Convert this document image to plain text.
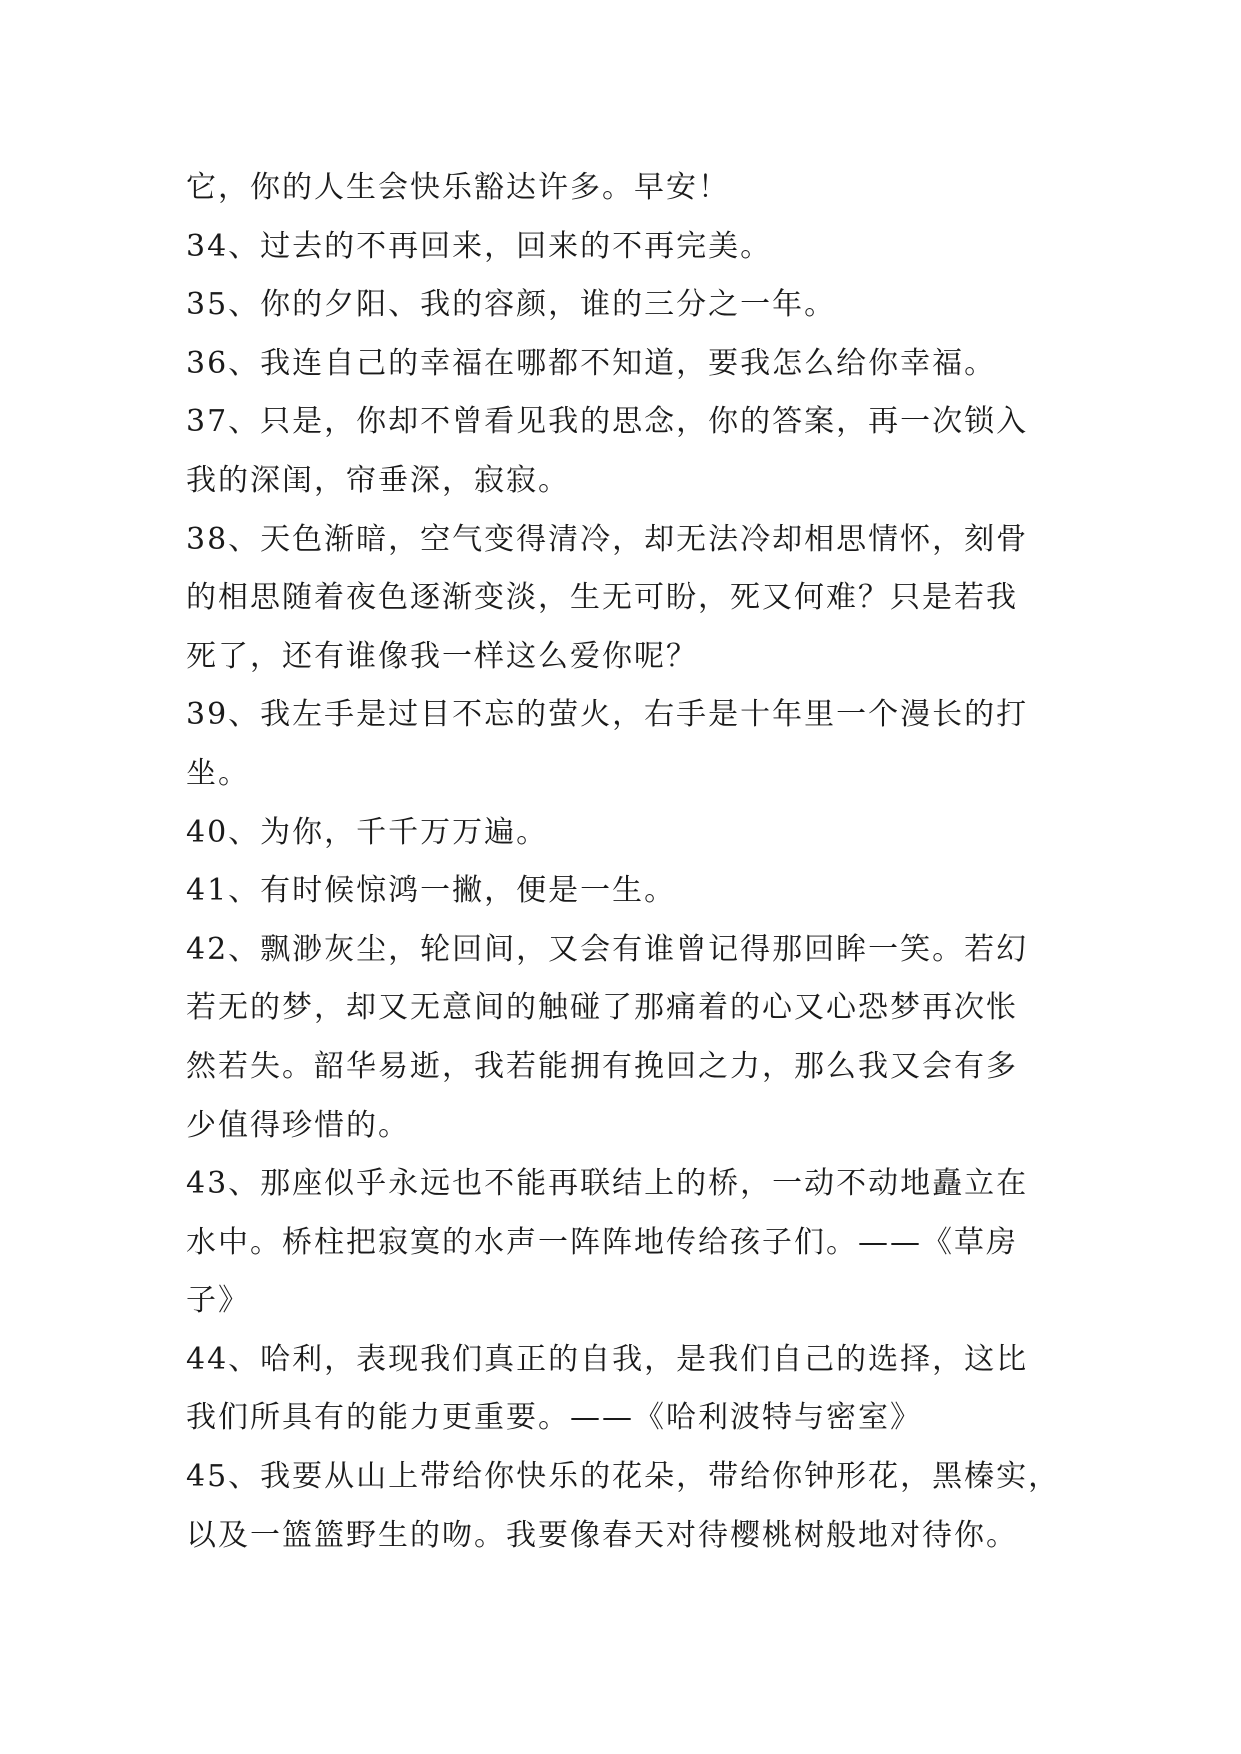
它，你的人生会快乐豁达许多。早安！
34、过去的不再回来，回来的不再完美。
35、你的夕阳、我的容颜，谁的三分之一年。
36、我连自己的幸福在哪都不知道，要我怎么给你幸福。
37、只是，你却不曾看见我的思念，你的答案，再一次锁入
我的深闺，帘垂深，寂寂。
38、天色渐暗，空气变得清冷，却无法冷却相思情怀，刻骨
的相思随着夜色逐渐变淡，生无可盼，死又何难？只是若我
死了，还有谁像我一样这么爱你呢？
39、我左手是过目不忘的萤火，右手是十年里一个漫长的打
坐。
40、为你，千千万万遍。
41、有时候惊鸿一撇，便是一生。
42、飘渺灰尘，轮回间，又会有谁曾记得那回眸一笑。若幻
若无的梦，却又无意间的触碰了那痛着的心又心恐梦再次怅
然若失。韶华易逝，我若能拥有挽回之力，那么我又会有多
少值得珍惜的。
43、那座似乎永远也不能再联结上的桥，一动不动地矗立在
水中。桥柱把寂寞的水声一阵阵地传给孩子们。——《草房
子》
44、哈利，表现我们真正的自我，是我们自己的选择，这比
我们所具有的能力更重要。——《哈利波特与密室》
45、我要从山上带给你快乐的花朵，带给你钟形花，黑榛实，
以及一篮篮野生的吻。我要像春天对待樱桃树般地对待你。
